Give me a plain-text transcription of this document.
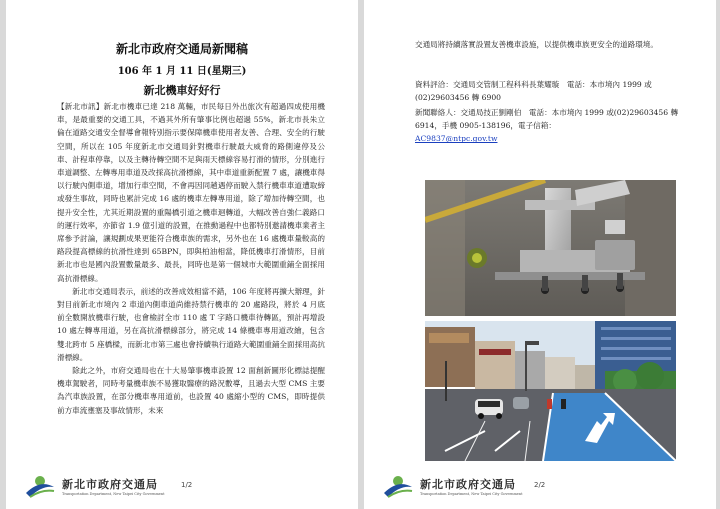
新北市政府交通局新聞稿
106 年 1 月 11 日(星期三)
新北機車好好行

【新北市訊】新北市機車已達 218 萬輛，市民每日外出旅次有超過四成使用機車，是最重要的交通工具，不過其外所有肇事比例也超過 55%，新北市長朱立倫在道路交通安全督導會報特別指示要保障機車使用者友善、合理、安全的行駛空間，所以在 105 年度新北市交通局針對機車行駛最大威脅的路側違停及公車、計程車停靠，以及主轉待轉空間不足與雨天標線容易打滑的情形，分別進行車道調整、左轉專用車道及改採高抗滑標線，其中車道重新配置 7 處，讓機車得以行駛內側車道，增加行車空間，不會再因同趟遇停而駛入禁行機車車道遭取締或發生事故，同時也累計完成 16 處的機車左轉專用道，除了增加待轉空間，也提升安全性，尤其近期設置的重陽橋引道之機車迴轉道，大幅改善自強仁義路口的運行效率，亦節省 1.9 億引道的設置，在推動過程中也都特別邀請機車業者主席參予討論，讓規劃成果更能符合機車族的需求，另外也在 16 處機車量較高的路段提高標線的抗滑性達到 65BPN，即與柏油相當，降低機車打滑情形，目前新北市也是國內設置數量最多、最長，同時也是第一個城市大範圍重鋪全面採用高抗滑標線。

新北市交通局表示，前述的改善成效相當不錯，106 年度將再擴大辦理，針對目前新北市境內 2 車道內側車道尚維持禁行機車的 20 處路段，將於 4 月底前全數開放機車行駛，也會檢討全市 110 處 T 字路口機車待轉區，預計再增設 10 處左轉專用道，另在高抗滑標線部分，將完成 14 條機車專用道改繪，包含雙北跨市 5 座橋樑，而新北市第三處也會持續執行道路大範圍重鋪全面採用高抗滑標線。

除此之外，市府交通局也在十大易肇事機車設置 12 面創新圖形化標誌提醒機車駕駛者，同時考量機車族不易獲取醫療的路況數導，且過去大型 CMS 主要為汽車族設置，在部分機車專用道前，也設置 40 處縮小型的 CMS，即時提供前方車流壅塞及事故情形，未來

新北市政府交通局
Transportation Department, New Taipei City Government
1/2

交通局將持續落實設置友善機車設施，以提供機車族更安全的道路環境。

資料評洽：交通局交管制工程科科長葉耀璇　電話：本市境內 1999 或(02)29603456 轉 6900

新聞聯絡人：交通局技正劉剛伯　電話：本市境內 1999 或(02)29603456 轉 6914，手機 0905-138196，電子信箱：
AC9837@ntpc.gov.tw

新北市政府交通局
Transportation Department, New Taipei City Government
2/2
